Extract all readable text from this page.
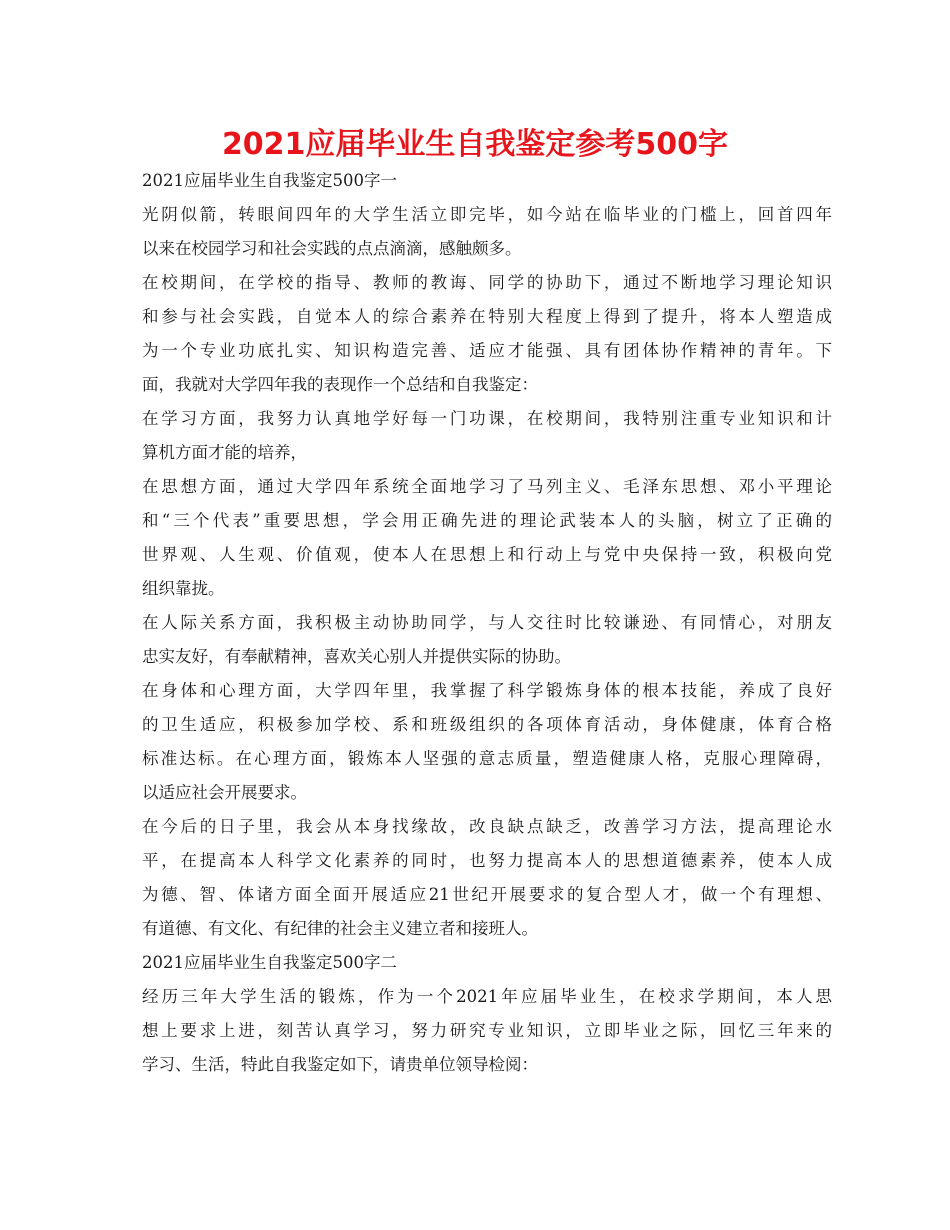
2021应届毕业生自我鉴定参考500字
2021应届毕业生自我鉴定500字一
光阴似箭，转眼间四年的大学生活立即完毕，如今站在临毕业的门槛上，回首四年
以来在校园学习和社会实践的点点滴滴，感触颇多。
在校期间，在学校的指导、教师的教诲、同学的协助下，通过不断地学习理论知识
和参与社会实践，自觉本人的综合素养在特别大程度上得到了提升，将本人塑造成
为一个专业功底扎实、知识构造完善、适应才能强、具有团体协作精神的青年。下
面，我就对大学四年我的表现作一个总结和自我鉴定：
在学习方面，我努力认真地学好每一门功课，在校期间，我特别注重专业知识和计
算机方面才能的培养，
在思想方面，通过大学四年系统全面地学习了马列主义、毛泽东思想、邓小平理论
和“三个代表”重要思想，学会用正确先进的理论武装本人的头脑，树立了正确的
世界观、人生观、价值观，使本人在思想上和行动上与党中央保持一致，积极向党
组织靠拢。
在人际关系方面，我积极主动协助同学，与人交往时比较谦逊、有同情心，对朋友
忠实友好，有奉献精神，喜欢关心别人并提供实际的协助。
在身体和心理方面，大学四年里，我掌握了科学锻炼身体的根本技能，养成了良好
的卫生适应，积极参加学校、系和班级组织的各项体育活动，身体健康，体育合格
标准达标。在心理方面，锻炼本人坚强的意志质量，塑造健康人格，克服心理障碍，
以适应社会开展要求。
在今后的日子里，我会从本身找缘故，改良缺点缺乏，改善学习方法，提高理论水
平，在提高本人科学文化素养的同时，也努力提高本人的思想道德素养，使本人成
为德、智、体诸方面全面开展适应21世纪开展要求的复合型人才，做一个有理想、
有道德、有文化、有纪律的社会主义建立者和接班人。
2021应届毕业生自我鉴定500字二
经历三年大学生活的锻炼，作为一个2021年应届毕业生，在校求学期间，本人思
想上要求上进，刻苦认真学习，努力研究专业知识，立即毕业之际，回忆三年来的
学习、生活，特此自我鉴定如下，请贵单位领导检阅：
